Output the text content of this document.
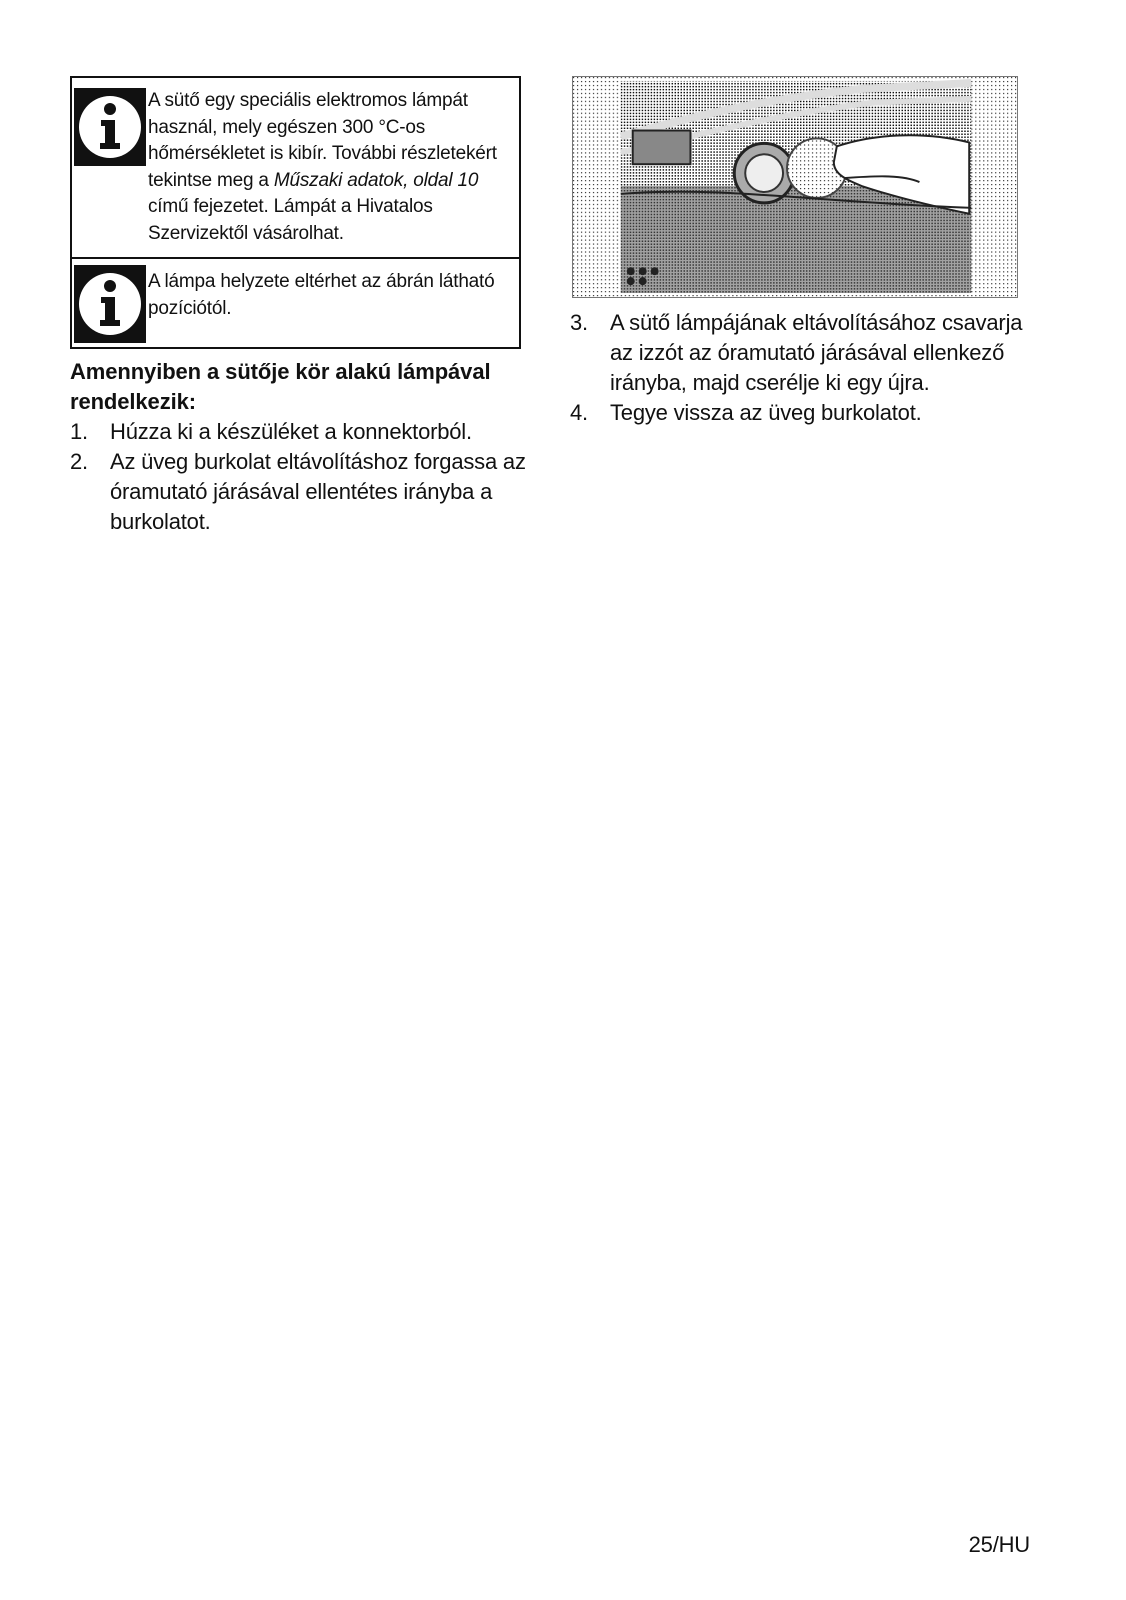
A sütő egy speciális elektromos lámpát használ, mely egészen 300 °C-os hőmérsékletet is kibír. További részletekért tekintse meg a Műszaki adatok, oldal 10 című fejezetet. Lámpát a Hivatalos Szervizektől vásárolhat.
A lámpa helyzete eltérhet az ábrán látható pozíciótól.
Amennyiben a sütője kör alakú lámpával rendelkezik:
1. Húzza ki a készüléket a konnektorból.
2. Az üveg burkolat eltávolításhoz forgassa az óramutató járásával ellentétes irányba a burkolatot.
3. A sütő lámpájának eltávolításához csavarja az izzót az óramutató járásával ellenkező irányba, majd cserélje ki egy újra.
4. Tegye vissza az üveg burkolatot.
25/HU
